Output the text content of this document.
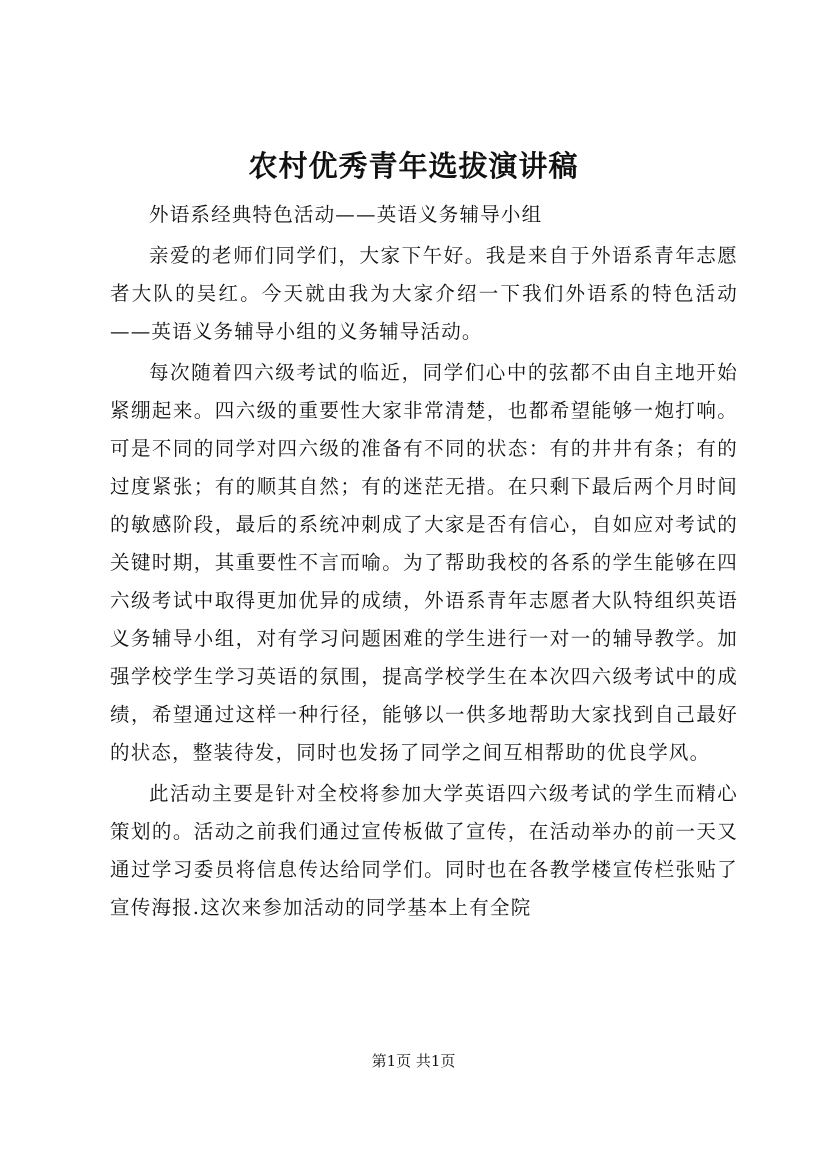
农村优秀青年选拔演讲稿

外语系经典特色活动——英语义务辅导小组

亲爱的老师们同学们，大家下午好。我是来自于外语系青年志愿者大队的吴红。今天就由我为大家介绍一下我们外语系的特色活动——英语义务辅导小组的义务辅导活动。

每次随着四六级考试的临近，同学们心中的弦都不由自主地开始紧绷起来。四六级的重要性大家非常清楚，也都希望能够一炮打响。可是不同的同学对四六级的准备有不同的状态：有的井井有条；有的过度紧张；有的顺其自然；有的迷茫无措。在只剩下最后两个月时间的敏感阶段，最后的系统冲刺成了大家是否有信心，自如应对考试的关键时期，其重要性不言而喻。为了帮助我校的各系的学生能够在四六级考试中取得更加优异的成绩，外语系青年志愿者大队特组织英语义务辅导小组，对有学习问题困难的学生进行一对一的辅导教学。加强学校学生学习英语的氛围，提高学校学生在本次四六级考试中的成绩，希望通过这样一种行径，能够以一供多地帮助大家找到自己最好的状态，整装待发，同时也发扬了同学之间互相帮助的优良学风。

此活动主要是针对全校将参加大学英语四六级考试的学生而精心策划的。活动之前我们通过宣传板做了宣传，在活动举办的前一天又通过学习委员将信息传达给同学们。同时也在各教学楼宣传栏张贴了宣传海报.这次来参加活动的同学基本上有全院

第1页 共1页
